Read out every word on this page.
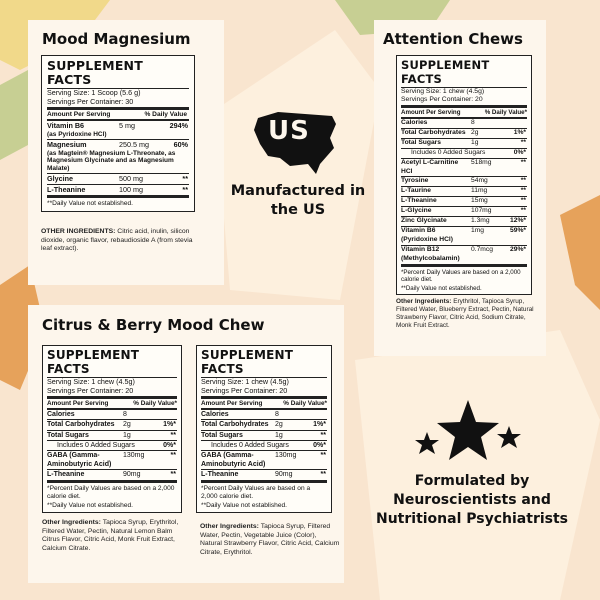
Mood Magnesium
SUPPLEMENT FACTS
Serving Size: 1 Scoop (5.6 g)
Servings Per Container: 30
Amount Per Serving	% Daily Value
Vitamin B6	5 mg	294%
(as Pyridoxine HCl)
Magnesium	250.5 mg	60%
(as Magtein® Magnesium L-Threonate, as Magnesium Glycinate and as Magnesium Malate)
Glycine	500 mg	**
L-Theanine	100 mg	**
**Daily Value not established.
OTHER INGREDIENTS: Citric acid, inulin, silicon dioxide, organic flavor, rebaudioside A (from stevia leaf extract).
Attention Chews
SUPPLEMENT FACTS
Serving Size: 1 chew (4.5g)
Servings Per Container: 20
Amount Per Serving	% Daily Value*
Calories	8
Total Carbohydrates 2g	1%*
Total Sugars	1g	**
Includes 0 Added Sugars	0%*
Acetyl L-Carnitine HCl
518mg	**
Tyrosine	54mg	**
L-Taurine	11mg	**
L-Theanine	15mg	**
L-Glycine	107mg	**
Zinc Glycinate	1.3mg	12%*
Vitamin B6 (Pyridoxine HCl)
1mg	59%*
Vitamin B12 (Methylcobalamin)
0.7mcg	29%*
*Percent Daily Values are based on a 2,000 calorie diet.
**Daily Value not established.
Other Ingredients: Erythritol, Tapioca Syrup, Filtered Water, Blueberry Extract, Pectin, Natural Strawberry Flavor, Citric Acid, Sodium Citrate, Monk Fruit Extract.
US
Manufactured in the US
Citrus & Berry Mood Chew
SUPPLEMENT FACTS
Serving Size: 1 chew (4.5g)
Servings Per Container: 20
Amount Per Serving	% Daily Value*
Calories	8
Total Carbohydrates	2g	1%*
Total Sugars	1g	**
Includes 0 Added Sugars	0%*
GABA (Gamma-Aminobutyric Acid)
130mg	**
L-Theanine	90mg	**
*Percent Daily Values are based on a 2,000 calorie diet.
**Daily Value not established.
Other Ingredients: Tapioca Syrup, Erythritol, Filtered Water, Pectin, Natural Lemon Balm Citrus Flavor, Citric Acid, Monk Fruit Extract, Calcium Citrate.
SUPPLEMENT FACTS
Serving Size: 1 chew (4.5g)
Servings Per Container: 20
Amount Per Serving	% Daily Value*
Calories	8
Total Carbohydrates 2g	1%*
Total Sugars	1g	**
Includes 0 Added Sugars	0%*
GABA (Gamma-Aminobutyric Acid)
130mg	**
L-Theanine	90mg	**
*Percent Daily Values are based on a 2,000 calorie diet.
**Daily Value not established.
Other Ingredients: Tapioca Syrup, Filtered Water, Pectin, Vegetable Juice (Color), Natural Strawberry Flavor, Citric Acid, Calcium Citrate, Erythritol.
Formulated by Neuroscientists and Nutritional Psychiatrists
